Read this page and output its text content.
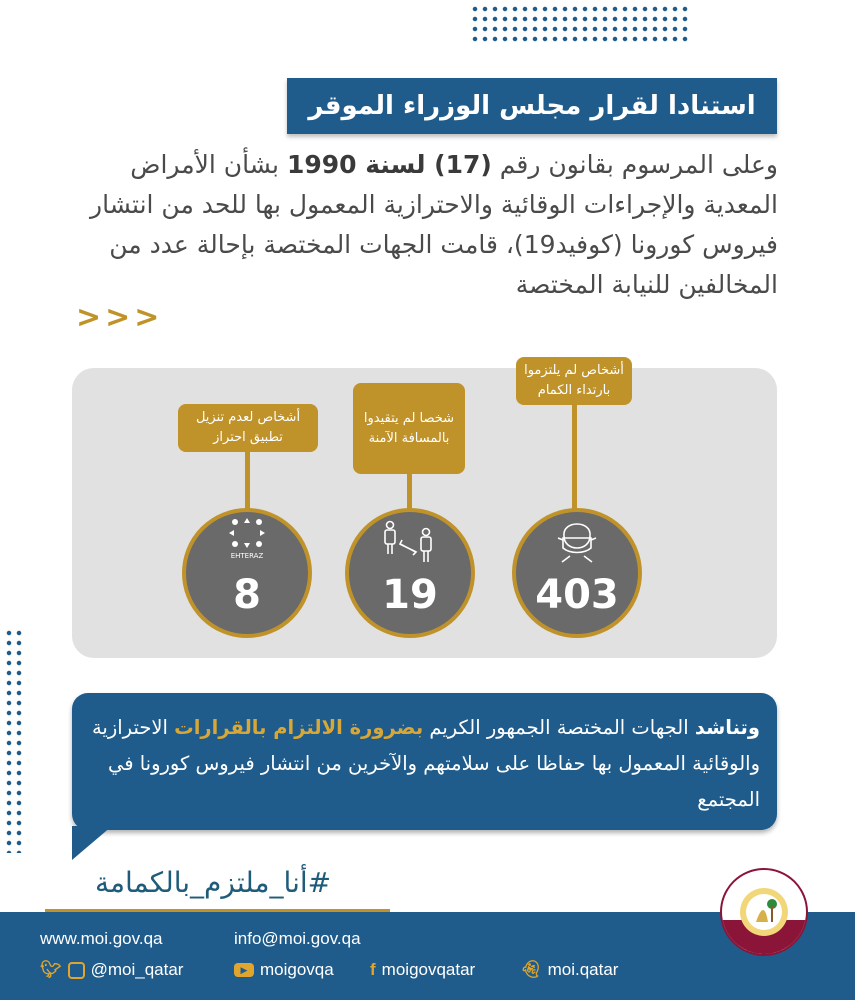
استنادا لقرار مجلس الوزراء الموقر
وعلى المرسوم بقانون رقم (17) لسنة 1990 بشأن الأمراض المعدية والإجراءات الوقائية والاحترازية المعمول بها للحد من انتشار فيروس كورونا (كوفيد19)، قامت الجهات المختصة بإحالة عدد من المخالفين للنيابة المختصة
>>>
أشخاص لعدم تنزيل تطبيق احتراز
EHTERAZ
8
شخصا لم يتقيدوا بالمسافة الآمنة
19
أشخاص لم يلتزموا بارتداء الكمام
403
وتناشد الجهات المختصة الجمهور الكريم بضرورة الالتزام بالقرارات الاحترازية والوقائية المعمول بها حفاظا على سلامتهم والآخرين من انتشار فيروس كورونا في المجتمع
#أنا_ملتزم_بالكمامة
www.moi.gov.qa	info@moi.gov.qa
🐦︎ @moi_qatar	▶ moigovqa f moigovqatar	👻︎ moi.qatar
